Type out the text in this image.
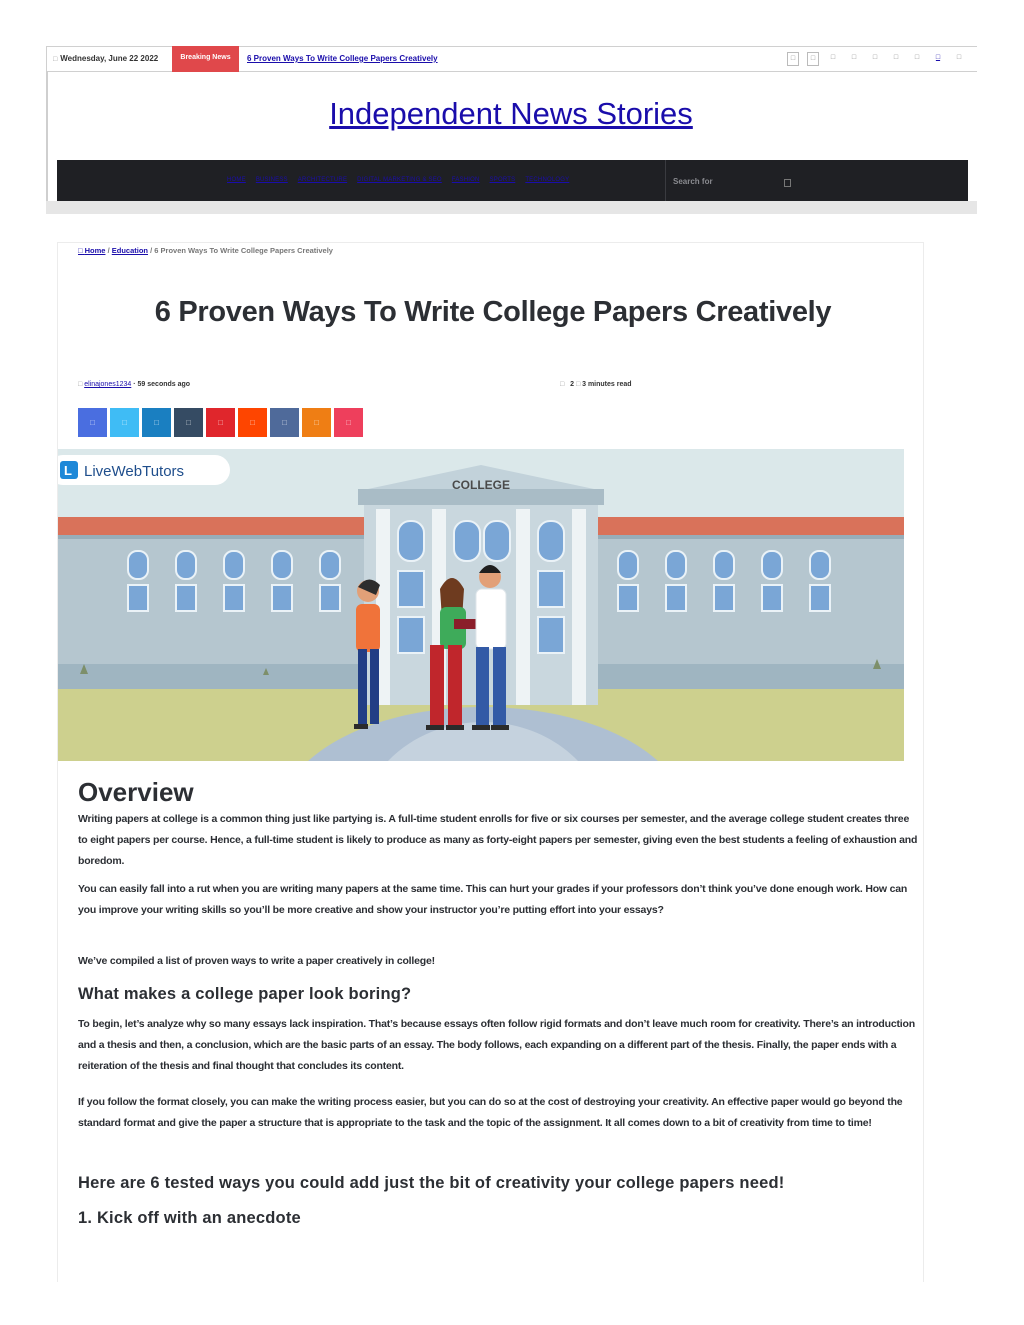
□ Wednesday, June 22 2022	Breaking News	6 Proven Ways To Write College Papers Creatively	□	□	□	□	□	□	□	□	□
Independent News Stories
HOME BUSINESS ARCHITECTURE DIGITAL MARKETING & SEO FASHION SPORTS TECHNOLOGY	Search for
□ Home / Education / 6 Proven Ways To Write College Papers Creatively
6 Proven Ways To Write College Papers Creatively
□ elinajones1234 · 59 seconds ago	□ 2 □ 3 minutes read
□	□	□	□	□	□	□	□	□
COLLEGE
L LiveWebTutors
Overview

Writing papers at college is a common thing just like partying is. A full-time student enrolls for five or six courses per semester, and the average college student creates three to eight papers per course. Hence, a full-time student is likely to produce as many as forty-eight papers per semester, giving even the best students a feeling of exhaustion and boredom.

You can easily fall into a rut when you are writing many papers at the same time. This can hurt your grades if your professors don’t think you’ve done enough work. How can you improve your writing skills so you’ll be more creative and show your instructor you’re putting effort into your essays?

We’ve compiled a list of proven ways to write a paper creatively in college!

What makes a college paper look boring?

To begin, let’s analyze why so many essays lack inspiration. That’s because essays often follow rigid formats and don’t leave much room for creativity. There’s an introduction and a thesis and then, a conclusion, which are the basic parts of an essay. The body follows, each expanding on a different part of the thesis. Finally, the paper ends with a reiteration of the thesis and final thought that concludes its content.

If you follow the format closely, you can make the writing process easier, but you can do so at the cost of destroying your creativity. An effective paper would go beyond the standard format and give the paper a structure that is appropriate to the task and the topic of the assignment. It all comes down to a bit of creativity from time to time!

Here are 6 tested ways you could add just the bit of creativity your college papers need!
1. Kick off with an anecdote
